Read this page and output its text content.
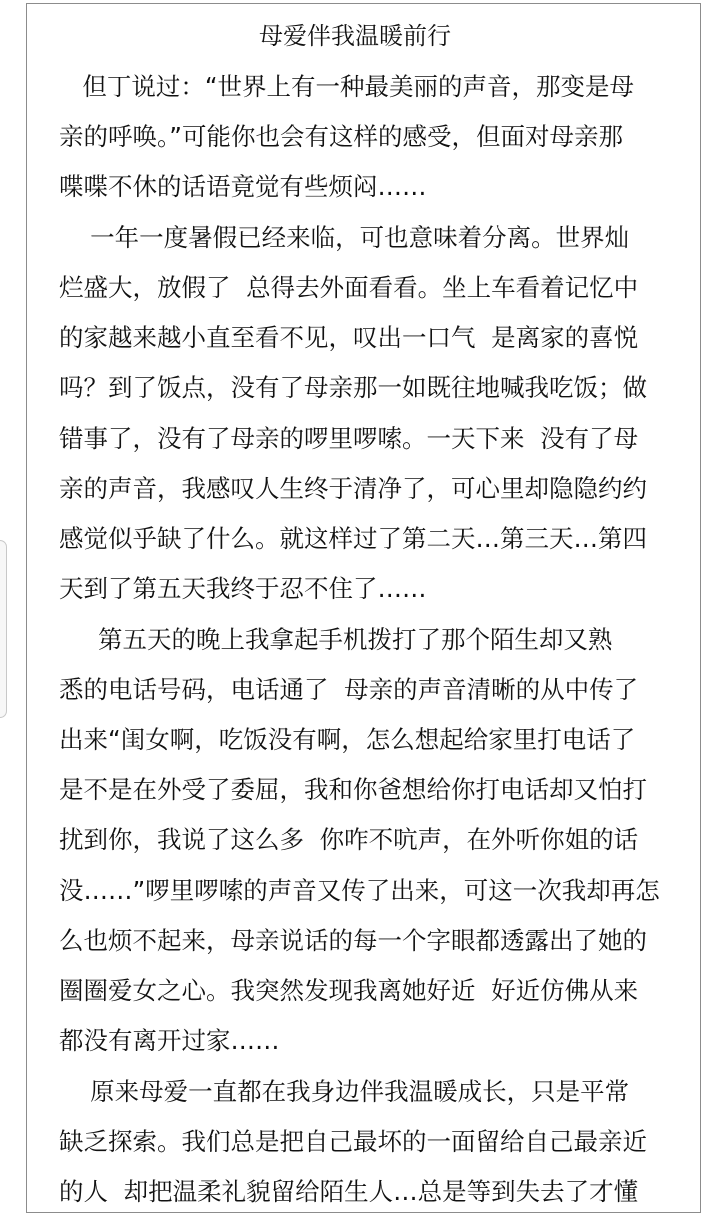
母爱伴我温暖前行
但丁说过：“世界上有一种最美丽的声音，那变是母
亲的呼唤。”可能你也会有这样的感受，但面对母亲那
喋喋不休的话语竟觉有些烦闷……
一年一度暑假已经来临，可也意味着分离。世界灿
烂盛大，放假了  总得去外面看看。坐上车看着记忆中
的家越来越小直至看不见，叹出一口气  是离家的喜悦
吗？到了饭点，没有了母亲那一如既往地喊我吃饭；做
错事了，没有了母亲的啰里啰嗦。一天下来  没有了母
亲的声音，我感叹人生终于清净了，可心里却隐隐约约
感觉似乎缺了什么。就这样过了第二天…第三天…第四
天到了第五天我终于忍不住了……
第五天的晚上我拿起手机拨打了那个陌生却又熟
悉的电话号码，电话通了  母亲的声音清晰的从中传了
出来“闺女啊，吃饭没有啊，怎么想起给家里打电话了
是不是在外受了委屈，我和你爸想给你打电话却又怕打
扰到你，我说了这么多  你咋不吭声，在外听你姐的话
没……”啰里啰嗦的声音又传了出来，可这一次我却再怎
么也烦不起来，母亲说话的每一个字眼都透露出了她的
圈圈爱女之心。我突然发现我离她好近  好近仿佛从来
都没有离开过家……
原来母爱一直都在我身边伴我温暖成长，只是平常
缺乏探索。我们总是把自己最坏的一面留给自己最亲近
的人  却把温柔礼貌留给陌生人…总是等到失去了才懂
